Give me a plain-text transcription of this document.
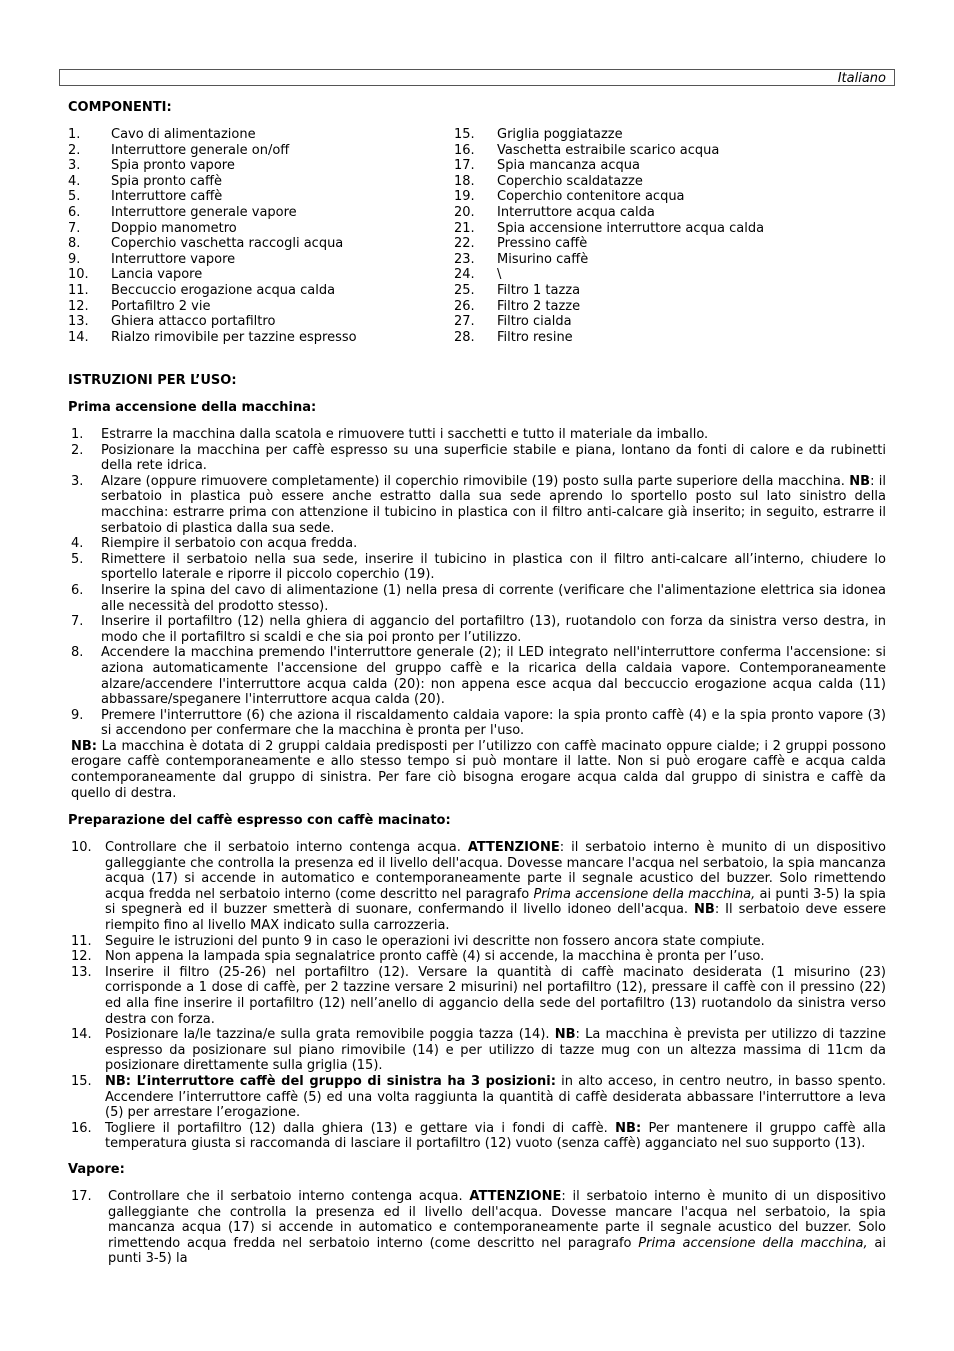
Italiano
COMPONENTI:
1.	Cavo di alimentazione
2.	Interruttore generale on/off
3.	Spia pronto vapore
4.	Spia pronto caffè
5.	Interruttore caffè
6.	Interruttore generale vapore
7.	Doppio manometro
8.	Coperchio vaschetta raccogli acqua
9.	Interruttore vapore
10.	Lancia vapore
11.	Beccuccio erogazione acqua calda
12.	Portafiltro 2 vie
13.	Ghiera attacco portafiltro
14.	Rialzo rimovibile per tazzine espresso
15.	Griglia poggiatazze
16.	Vaschetta estraibile scarico acqua
17.	Spia mancanza acqua
18.	Coperchio scaldatazze
19.	Coperchio contenitore acqua
20.	Interruttore acqua calda
21.	Spia accensione interruttore acqua calda
22.	Pressino caffè
23.	Misurino caffè
24.	\
25.	Filtro 1 tazza
26.	Filtro 2 tazze
27.	Filtro cialda
28.	Filtro resine
ISTRUZIONI PER L’USO:
Prima accensione della macchina:
1.	Estrarre la macchina dalla scatola e rimuovere tutti i sacchetti e tutto il materiale da imballo.
2.	Posizionare la macchina per caffè espresso su una superficie stabile e piana, lontano da fonti di calore e da rubinetti della rete idrica.
3.	Alzare (oppure rimuovere completamente) il coperchio rimovibile (19) posto sulla parte superiore della macchina. NB: il serbatoio in plastica può essere anche estratto dalla sua sede aprendo lo sportello posto sul lato sinistro della macchina: estrarre prima con attenzione il tubicino in plastica con il filtro anti-calcare già inserito; in seguito, estrarre il serbatoio di plastica dalla sua sede.
4.	Riempire il serbatoio con acqua fredda.
5.	Rimettere il serbatoio nella sua sede, inserire il tubicino in plastica con il filtro anti-calcare all’interno, chiudere lo sportello laterale e riporre il piccolo coperchio (19).
6.	Inserire la spina del cavo di alimentazione (1) nella presa di corrente (verificare che l'alimentazione elettrica sia idonea alle necessità del prodotto stesso).
7.	Inserire il portafiltro (12) nella ghiera di aggancio del portafiltro (13), ruotandolo con forza da sinistra verso destra, in modo che il portafiltro si scaldi e che sia poi pronto per l’utilizzo.
8.	Accendere la macchina premendo l'interruttore generale (2); il LED integrato nell'interruttore conferma l'accensione: si aziona automaticamente l'accensione del gruppo caffè e la ricarica della caldaia vapore. Contemporaneamente alzare/accendere l'interruttore acqua calda (20): non appena esce acqua dal beccuccio erogazione acqua calda (11) abbassare/speganere l'interruttore acqua calda (20).
9.	Premere l'interruttore (6) che aziona il riscaldamento caldaia vapore: la spia pronto caffè (4) e la spia pronto vapore (3) si accendono per confermare che la macchina è pronta per l'uso.

NB: La macchina è dotata di 2 gruppi caldaia predisposti per l’utilizzo con caffè macinato oppure cialde; i 2 gruppi possono erogare caffè contemporaneamente e allo stesso tempo si può montare il latte. Non si può erogare caffè e acqua calda contemporaneamente dal gruppo di sinistra. Per fare ciò bisogna erogare acqua calda dal gruppo di sinistra e caffè da quello di destra.

Preparazione del caffè espresso con caffè macinato:
10.	Controllare che il serbatoio interno contenga acqua. ATTENZIONE: il serbatoio interno è munito di un dispositivo galleggiante che controlla la presenza ed il livello dell'acqua. Dovesse mancare l'acqua nel serbatoio, la spia mancanza acqua (17) si accende in automatico e contemporaneamente parte il segnale acustico del buzzer. Solo rimettendo acqua fredda nel serbatoio interno (come descritto nel paragrafo Prima accensione della macchina, ai punti 3-5) la spia si spegnerà ed il buzzer smetterà di suonare, confermando il livello idoneo dell'acqua. NB: Il serbatoio deve essere riempito fino al livello MAX indicato sulla carrozzeria.
11.	Seguire le istruzioni del punto 9 in caso le operazioni ivi descritte non fossero ancora state compiute.
12.	Non appena la lampada spia segnalatrice pronto caffè (4) si accende, la macchina è pronta per l’uso.
13.	Inserire il filtro (25-26) nel portafiltro (12). Versare la quantità di caffè macinato desiderata (1 misurino (23) corrisponde a 1 dose di caffè, per 2 tazzine versare 2 misurini) nel portafiltro (12), pressare il caffè con il pressino (22) ed alla fine inserire il portafiltro (12) nell’anello di aggancio della sede del portafiltro (13) ruotandolo da sinistra verso destra con forza.
14.	Posizionare la/le tazzina/e sulla grata removibile poggia tazza (14). NB: La macchina è prevista per utilizzo di tazzine espresso da posizionare sul piano rimovibile (14) e per utilizzo di tazze mug con un altezza massima di 11cm da posizionare direttamente sulla griglia (15).
15.	NB: L’interruttore caffè del gruppo di sinistra ha 3 posizioni: in alto acceso, in centro neutro, in basso spento. Accendere l’interruttore caffè (5) ed una volta raggiunta la quantità di caffè desiderata abbassare l'interruttore a leva (5) per arrestare l’erogazione.
16.	Togliere il portafiltro (12) dalla ghiera (13) e gettare via i fondi di caffè. NB: Per mantenere il gruppo caffè alla temperatura giusta si raccomanda di lasciare il portafiltro (12) vuoto (senza caffè) agganciato nel suo supporto (13).
Vapore:
17.	Controllare che il serbatoio interno contenga acqua. ATTENZIONE: il serbatoio interno è munito di un dispositivo galleggiante che controlla la presenza ed il livello dell'acqua. Dovesse mancare l'acqua nel serbatoio, la spia mancanza acqua (17) si accende in automatico e contemporaneamente parte il segnale acustico del buzzer. Solo rimettendo acqua fredda nel serbatoio interno (come descritto nel paragrafo Prima accensione della macchina, ai punti 3-5) la
